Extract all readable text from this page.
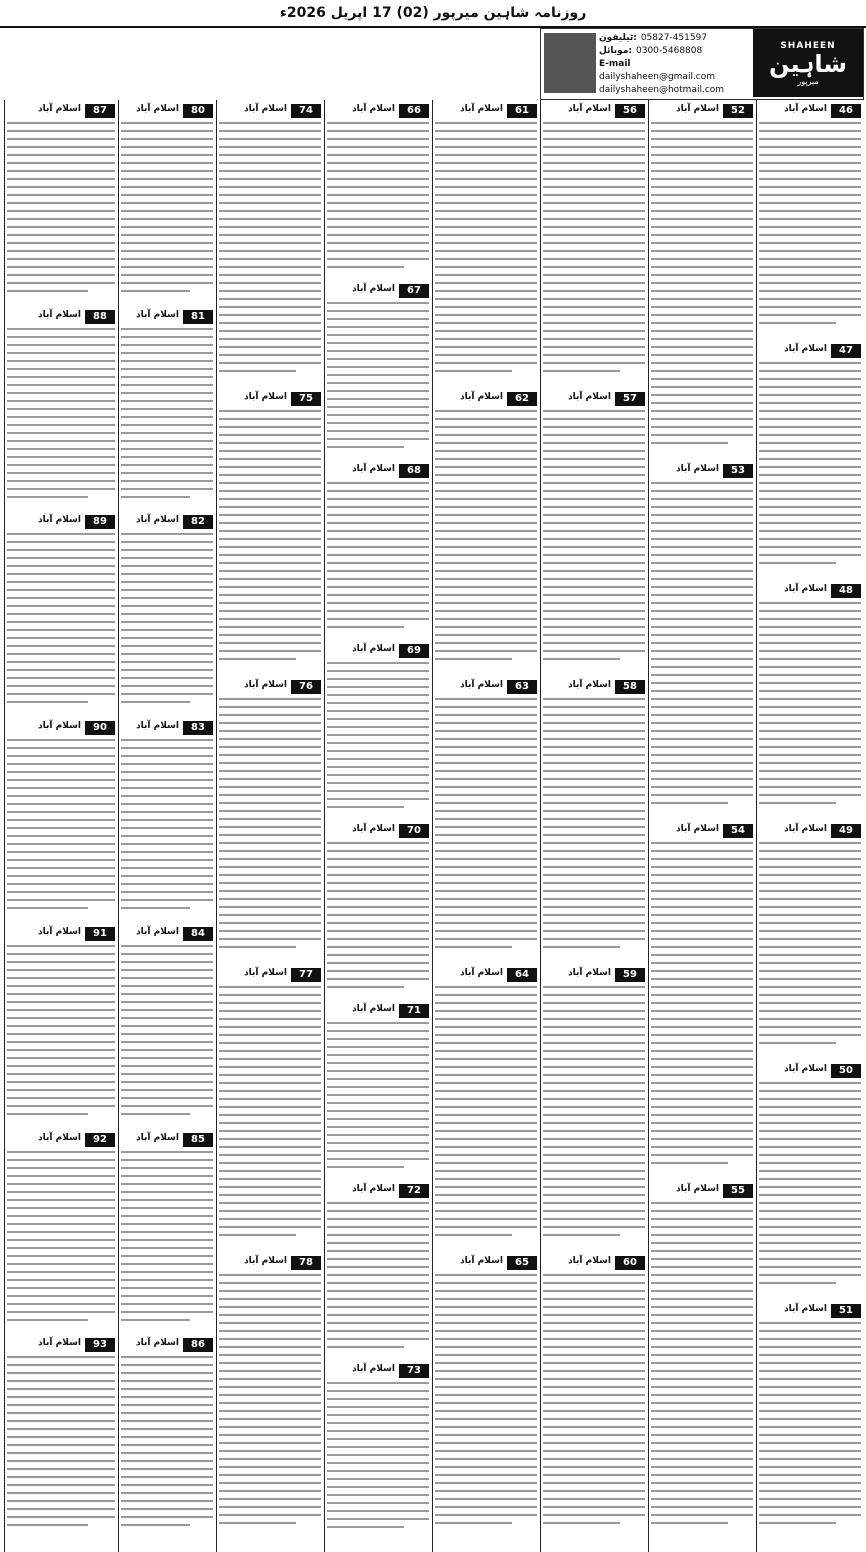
روزنامہ شاہین میرپور (02) 17 اپریل 2026ء
SHAHEEN
شاہین
میرپور
ٹیلیفون: 05827-451597
موبائل: 0300-5468808
E-mail
dailyshaheen@gmail.com
dailyshaheen@hotmail.com
46
اسلام آباد
47
اسلام آباد
48
اسلام آباد
49
اسلام آباد
50
اسلام آباد
51
اسلام آباد
52
اسلام آباد
53
اسلام آباد
54
اسلام آباد
55
اسلام آباد
56
اسلام آباد
57
اسلام آباد
58
اسلام آباد
59
اسلام آباد
60
اسلام آباد
61
اسلام آباد
62
اسلام آباد
63
اسلام آباد
64
اسلام آباد
65
اسلام آباد
66
اسلام آباد
67
اسلام آباد
68
اسلام آباد
69
اسلام آباد
70
اسلام آباد
71
اسلام آباد
72
اسلام آباد
73
اسلام آباد
74
اسلام آباد
75
اسلام آباد
76
اسلام آباد
77
اسلام آباد
78
اسلام آباد
80
اسلام آباد
81
اسلام آباد
82
اسلام آباد
83
اسلام آباد
84
اسلام آباد
85
اسلام آباد
86
اسلام آباد
87
اسلام آباد
88
اسلام آباد
89
اسلام آباد
90
اسلام آباد
91
اسلام آباد
92
اسلام آباد
93
اسلام آباد
